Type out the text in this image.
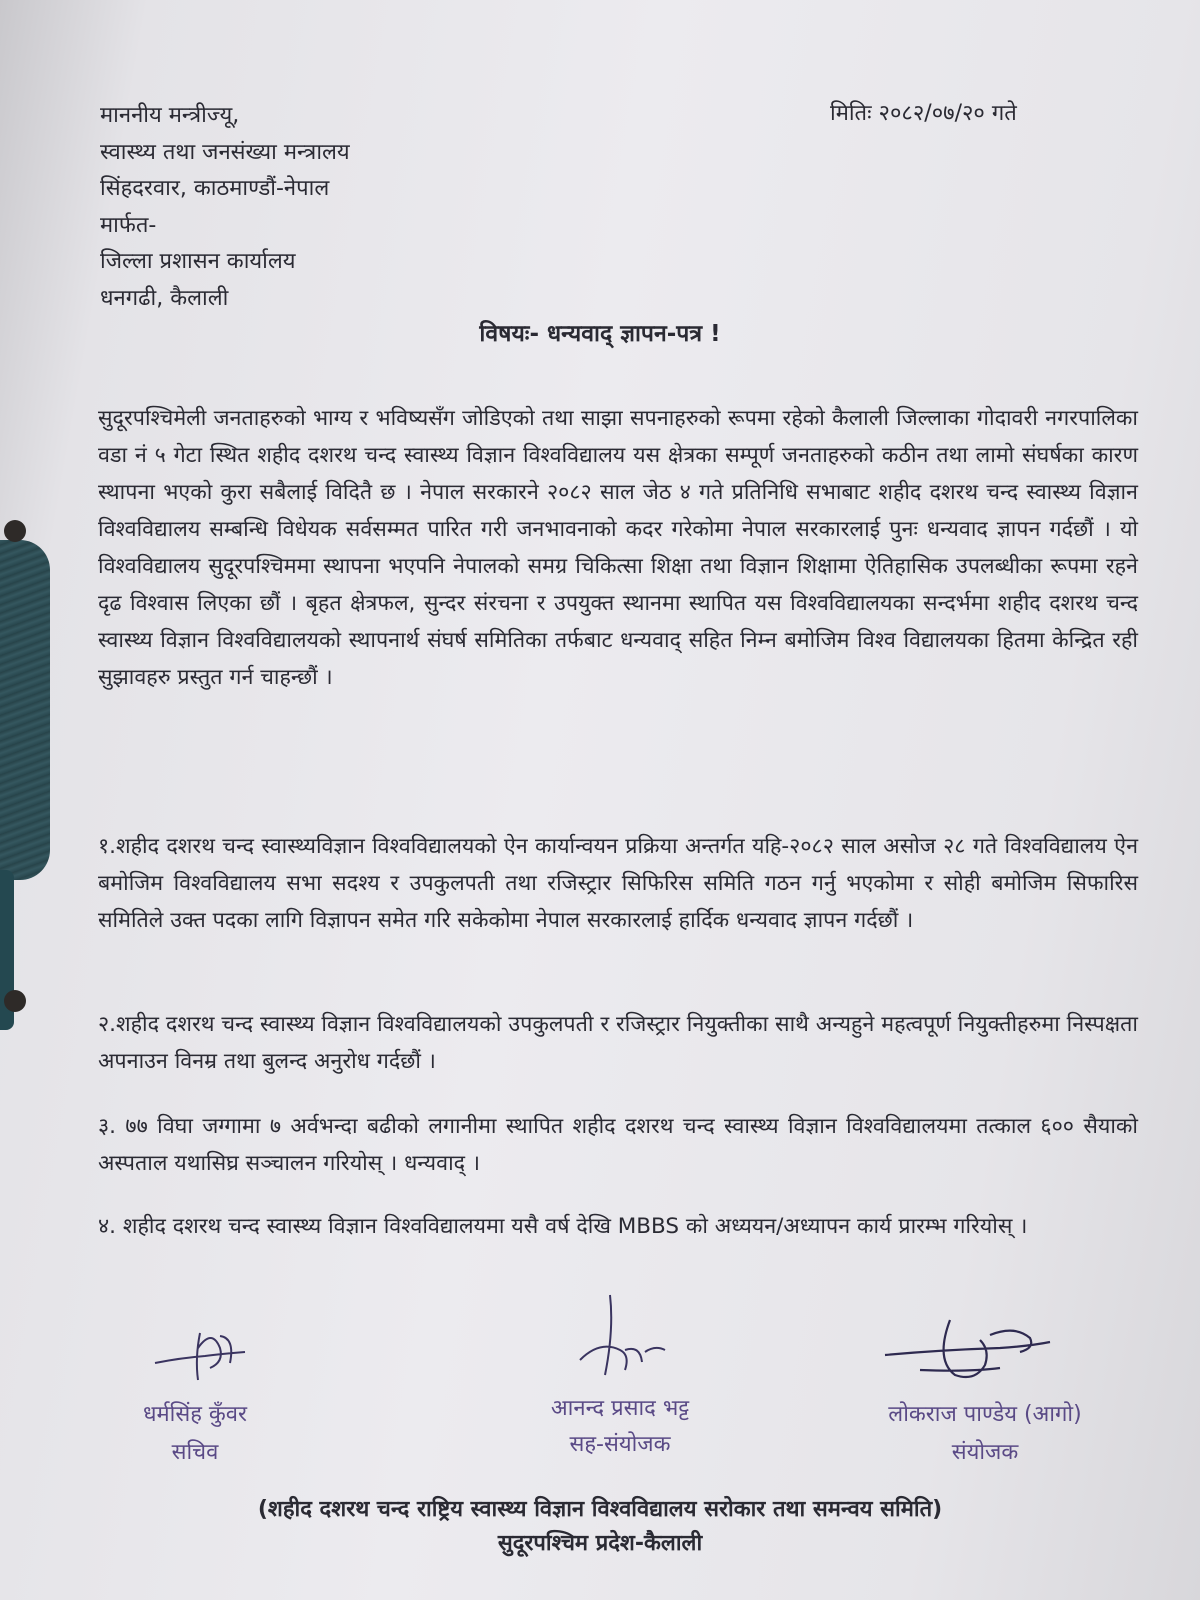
माननीय मन्त्रीज्यू,
स्वास्थ्य तथा जनसंख्या मन्त्रालय
सिंहदरवार, काठमाण्डौं-नेपाल
मार्फत-
जिल्ला प्रशासन कार्यालय
धनगढी, कैलाली
मितिः २०८२/०७/२० गते
विषयः- धन्यवाद् ज्ञापन-पत्र !
सुदूरपश्चिमेली जनताहरुको भाग्य र भविष्यसँग जोडिएको तथा साझा सपनाहरुको रूपमा रहेको कैलाली जिल्लाका गोदावरी नगरपालिका वडा नं ५ गेटा स्थित शहीद दशरथ चन्द स्वास्थ्य विज्ञान विश्वविद्यालय यस क्षेत्रका सम्पूर्ण जनताहरुको कठीन तथा लामो संघर्षका कारण स्थापना भएको कुरा सबैलाई विदितै छ । नेपाल सरकारने २०८२ साल जेठ ४ गते प्रतिनिधि सभाबाट शहीद दशरथ चन्द स्वास्थ्य विज्ञान विश्वविद्यालय सम्बन्धि विधेयक सर्वसम्मत पारित गरी जनभावनाको कदर गरेकोमा नेपाल सरकारलाई पुनः धन्यवाद ज्ञापन गर्दछौं । यो विश्वविद्यालय सुदूरपश्चिममा स्थापना भएपनि नेपालको समग्र चिकित्सा शिक्षा तथा विज्ञान शिक्षामा ऐतिहासिक उपलब्धीका रूपमा रहने दृढ विश्वास लिएका छौं । बृहत क्षेत्रफल, सुन्दर संरचना र उपयुक्त स्थानमा स्थापित यस विश्वविद्यालयका सन्दर्भमा शहीद दशरथ चन्द स्वास्थ्य विज्ञान विश्वविद्यालयको स्थापनार्थ संघर्ष समितिका तर्फबाट धन्यवाद् सहित निम्न बमोजिम विश्व विद्यालयका हितमा केन्द्रित रही सुझावहरु प्रस्तुत गर्न चाहन्छौं ।
१.शहीद दशरथ चन्द स्वास्थ्यविज्ञान विश्वविद्यालयको ऐन कार्यान्वयन प्रक्रिया अन्तर्गत यहि-२०८२ साल असोज २८ गते विश्वविद्यालय ऐन बमोजिम विश्वविद्यालय सभा सदश्य र उपकुलपती तथा रजिस्ट्रार सिफिरिस समिति गठन गर्नु भएकोमा र सोही बमोजिम सिफारिस समितिले उक्त पदका लागि विज्ञापन समेत गरि सकेकोमा नेपाल सरकारलाई हार्दिक धन्यवाद ज्ञापन गर्दछौं ।
२.शहीद दशरथ चन्द स्वास्थ्य विज्ञान विश्वविद्यालयको उपकुलपती र रजिस्ट्रार नियुक्तीका साथै अन्यहुने महत्वपूर्ण नियुक्तीहरुमा निस्पक्षता अपनाउन विनम्र तथा बुलन्द अनुरोध गर्दछौं ।
३. ७७ विघा जग्गामा ७ अर्वभन्दा बढीको लगानीमा स्थापित शहीद दशरथ चन्द स्वास्थ्य विज्ञान विश्वविद्यालयमा तत्काल ६०० सैयाको अस्पताल यथासिघ्र सञ्चालन गरियोस् । धन्यवाद् ।
४. शहीद दशरथ चन्द स्वास्थ्य विज्ञान विश्वविद्यालयमा यसै वर्ष देखि MBBS को अध्ययन/अध्यापन कार्य प्रारम्भ गरियोस् ।
धर्मसिंह कुँवर
सचिव
आनन्द प्रसाद भट्ट
सह-संयोजक
लोकराज पाण्डेय (आगो)
संयोजक
(शहीद दशरथ चन्द राष्ट्रिय स्वास्थ्य विज्ञान विश्वविद्यालय सरोकार तथा समन्वय समिति)
सुदूरपश्चिम प्रदेश-कैलाली
